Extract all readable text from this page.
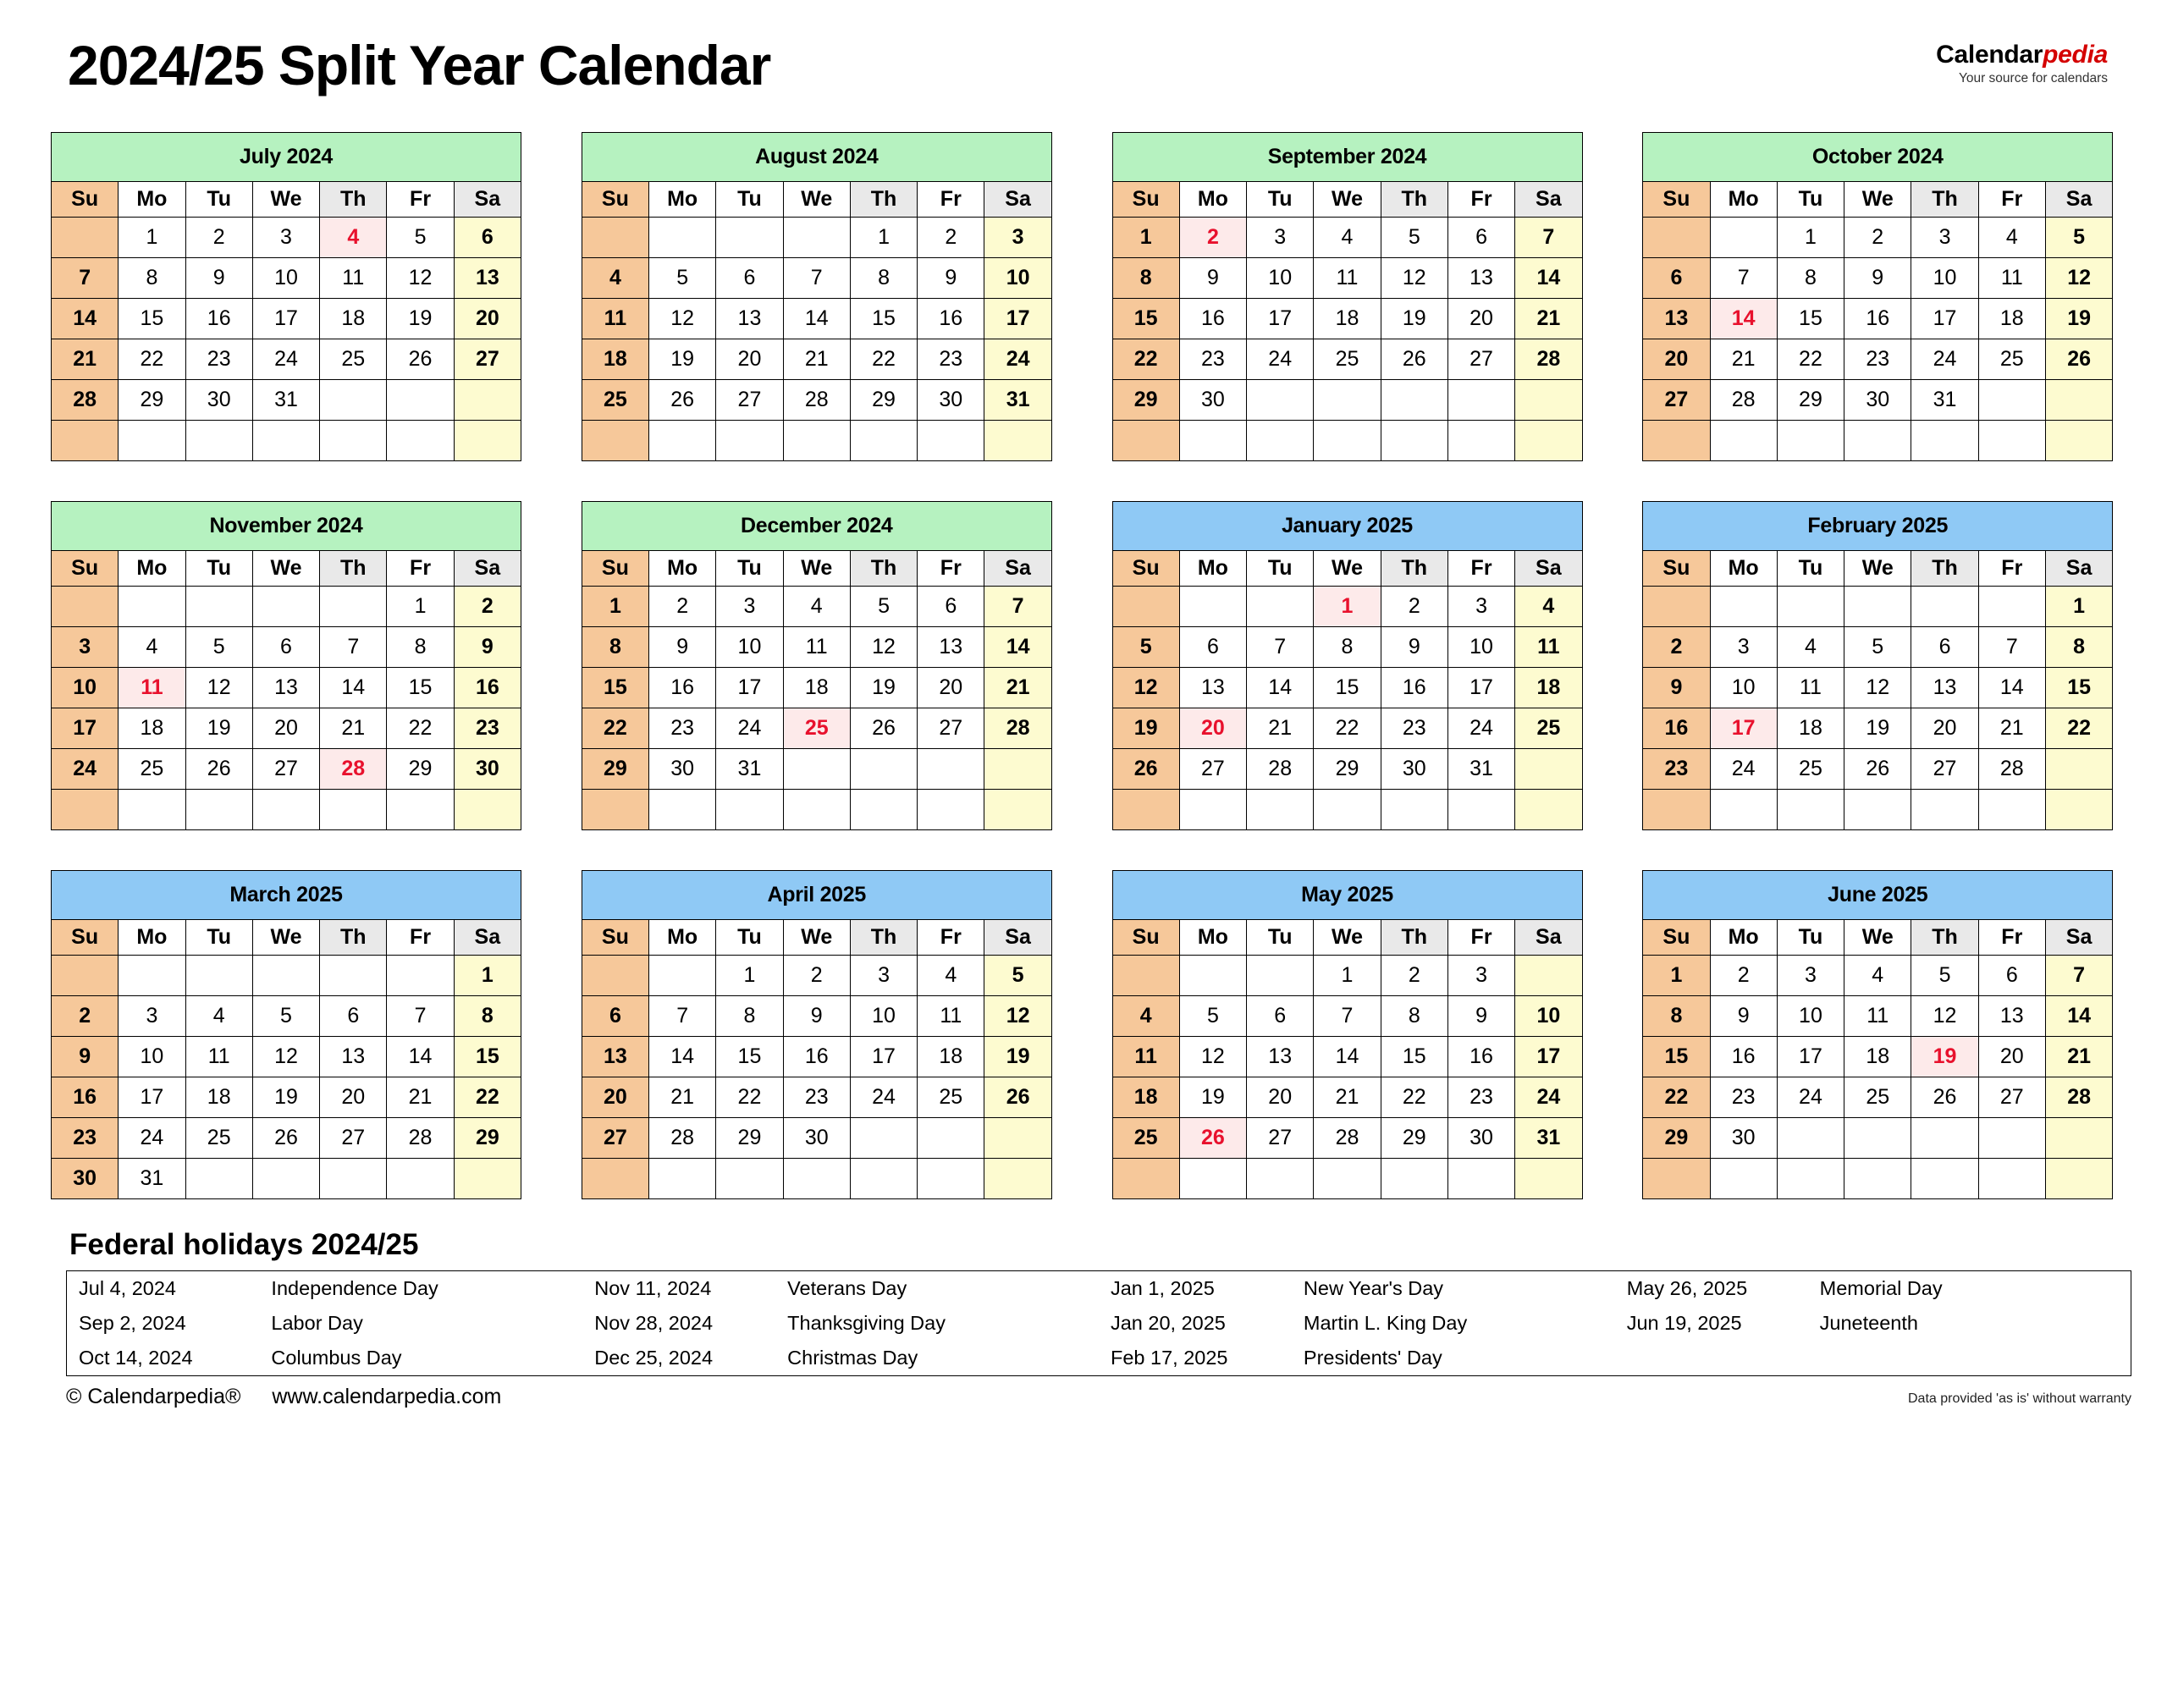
2024/25 Split Year Calendar	Calendarpedia
Your source for calendars
July 2024						
Su	Mo	Tu	We	Th	Fr	Sa
	1	2	3	4	5	6
7	8	9	10	11	12	13
14	15	16	17	18	19	20
21	22	23	24	25	26	27
28	29	30	31			

August 2024						
Su	Mo	Tu	We	Th	Fr	Sa
				1	2	3
4	5	6	7	8	9	10
11	12	13	14	15	16	17
18	19	20	21	22	23	24
25	26	27	28	29	30	31

September 2024						
Su	Mo	Tu	We	Th	Fr	Sa
1	2	3	4	5	6	7
8	9	10	11	12	13	14
15	16	17	18	19	20	21
22	23	24	25	26	27	28
29	30					

October 2024						
Su	Mo	Tu	We	Th	Fr	Sa
		1	2	3	4	5
6	7	8	9	10	11	12
13	14	15	16	17	18	19
20	21	22	23	24	25	26
27	28	29	30	31		

November 2024						
Su	Mo	Tu	We	Th	Fr	Sa
					1	2
3	4	5	6	7	8	9
10	11	12	13	14	15	16
17	18	19	20	21	22	23
24	25	26	27	28	29	30

December 2024						
Su	Mo	Tu	We	Th	Fr	Sa
1	2	3	4	5	6	7
8	9	10	11	12	13	14
15	16	17	18	19	20	21
22	23	24	25	26	27	28
29	30	31				

January 2025						
Su	Mo	Tu	We	Th	Fr	Sa
			1	2	3	4
5	6	7	8	9	10	11
12	13	14	15	16	17	18
19	20	21	22	23	24	25
26	27	28	29	30	31	

February 2025						
Su	Mo	Tu	We	Th	Fr	Sa
						1
2	3	4	5	6	7	8
9	10	11	12	13	14	15
16	17	18	19	20	21	22
23	24	25	26	27	28	

March 2025						
Su	Mo	Tu	We	Th	Fr	Sa
						1
2	3	4	5	6	7	8
9	10	11	12	13	14	15
16	17	18	19	20	21	22
23	24	25	26	27	28	29
30	31					
April 2025						
Su	Mo	Tu	We	Th	Fr	Sa
		1	2	3	4	5
6	7	8	9	10	11	12
13	14	15	16	17	18	19
20	21	22	23	24	25	26
27	28	29	30			

May 2025						
Su	Mo	Tu	We	Th	Fr	Sa
			1	2	3	
4	5	6	7	8	9	10
11	12	13	14	15	16	17
18	19	20	21	22	23	24
25	26	27	28	29	30	31

June 2025						
Su	Mo	Tu	We	Th	Fr	Sa
1	2	3	4	5	6	7
8	9	10	11	12	13	14
15	16	17	18	19	20	21
22	23	24	25	26	27	28
29	30					

Federal holidays 2024/25
Jul 4, 2024	Independence Day	Nov 11, 2024	Veterans Day	Jan 1, 2025	New Year's Day	May 26, 2025	Memorial Day
Sep 2, 2024	Labor Day	Nov 28, 2024	Thanksgiving Day	Jan 20, 2025	Martin L. King Day	Jun 19, 2025	Juneteenth
Oct 14, 2024	Columbus Day	Dec 25, 2024	Christmas Day	Feb 17, 2025	Presidents' Day		
© Calendarpedia® www.calendarpedia.com	Data provided 'as is' without warranty
